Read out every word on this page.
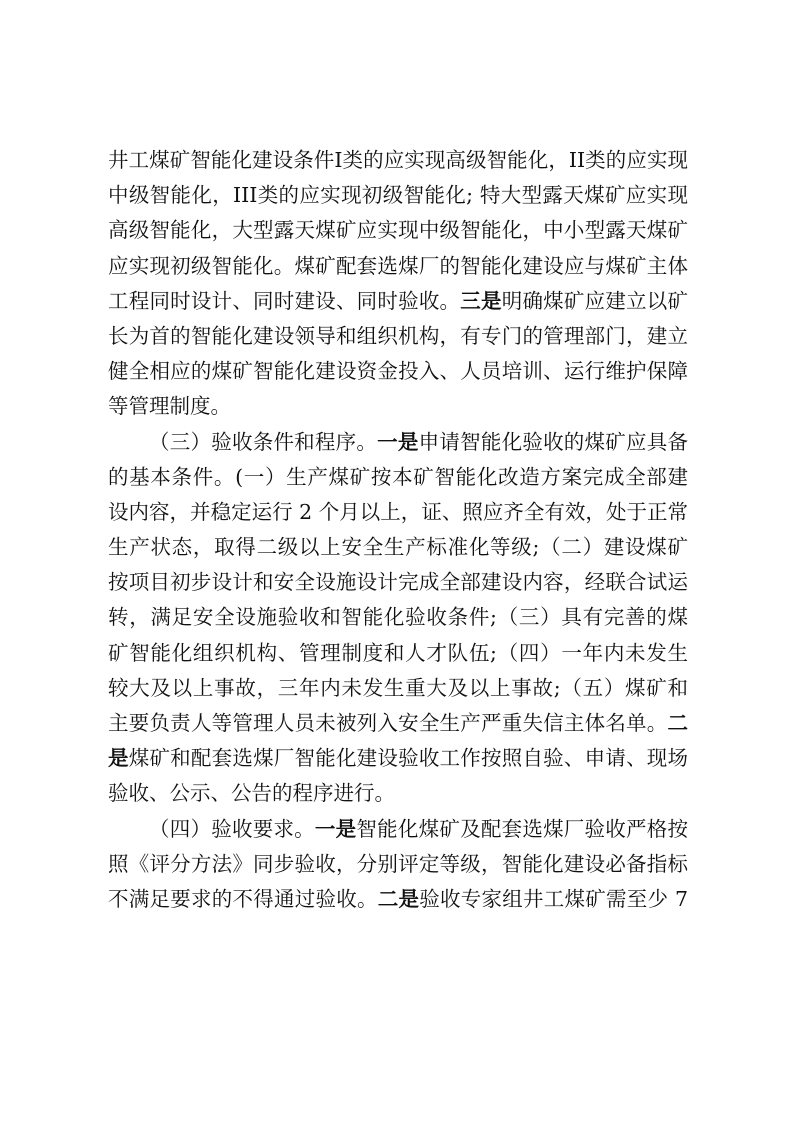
井工煤矿智能化建设条件I类的应实现高级智能化，II类的应实现
中级智能化，III类的应实现初级智能化; 特大型露天煤矿应实现
高级智能化，大型露天煤矿应实现中级智能化，中小型露天煤矿
应实现初级智能化。煤矿配套选煤厂的智能化建设应与煤矿主体
工程同时设计、同时建设、同时验收。三是明确煤矿应建立以矿
长为首的智能化建设领导和组织机构，有专门的管理部门，建立
健全相应的煤矿智能化建设资金投入、人员培训、运行维护保障
等管理制度。
（三）验收条件和程序。一是申请智能化验收的煤矿应具备
的基本条件。(一）生产煤矿按本矿智能化改造方案完成全部建
设内容，并稳定运行 2 个月以上，证、照应齐全有效，处于正常
生产状态，取得二级以上安全生产标准化等级;（二）建设煤矿
按项目初步设计和安全设施设计完成全部建设内容，经联合试运
转，满足安全设施验收和智能化验收条件;（三）具有完善的煤
矿智能化组织机构、管理制度和人才队伍;（四）一年内未发生
较大及以上事故，三年内未发生重大及以上事故;（五）煤矿和
主要负责人等管理人员未被列入安全生产严重失信主体名单。二
是煤矿和配套选煤厂智能化建设验收工作按照自验、申请、现场
验收、公示、公告的程序进行。
（四）验收要求。一是智能化煤矿及配套选煤厂验收严格按
照《评分方法》同步验收，分别评定等级，智能化建设必备指标
不满足要求的不得通过验收。二是验收专家组井工煤矿需至少 7
